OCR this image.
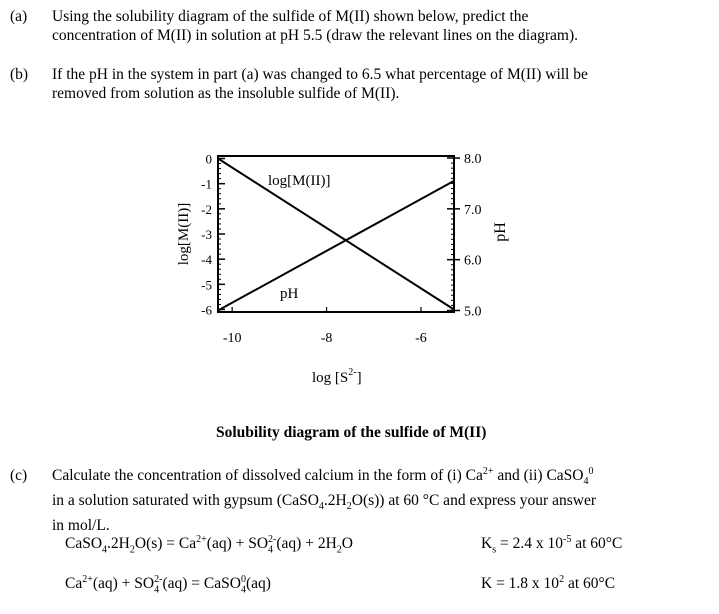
(a) Using the solubility diagram of the sulfide of M(II) shown below, predict the
concentration of M(II) in solution at pH 5.5 (draw the relevant lines on the diagram).
(b) If the pH in the system in part (a) was changed to 6.5 what percentage of M(II) will be
removed from solution as the insoluble sulfide of M(II).
0
-1
-2
-3
-4
-5
-6
8.0
7.0
6.0
5.0
-10	-8	-6
log[M(II)]
pH
log[M(II)]	pH
$\log [S^{2-}]$
Solubility diagram of the sulfide of M(II)
(c) Calculate the concentration of dissolved calcium in the form of (i) $Ca^{2+}$ and (ii) CaSO$_4^0$
in a solution saturated with gypsum $(CaSO_4.2H_2O(s))$ at 60 °C and express your answer
in mol/L.
$CaSO_4.2H_2O(s) = Ca^{2+}(aq) + SO_4^{2-}(aq) + 2H_2O$	$K_s = 2.4$ x $10^{-5}$ at 60°C
$Ca^{2+}(aq) + SO_4^{2-}(aq)$ = CaSO$_4^0$(aq)	K = 1.8 x $10^2$ at 60°C
